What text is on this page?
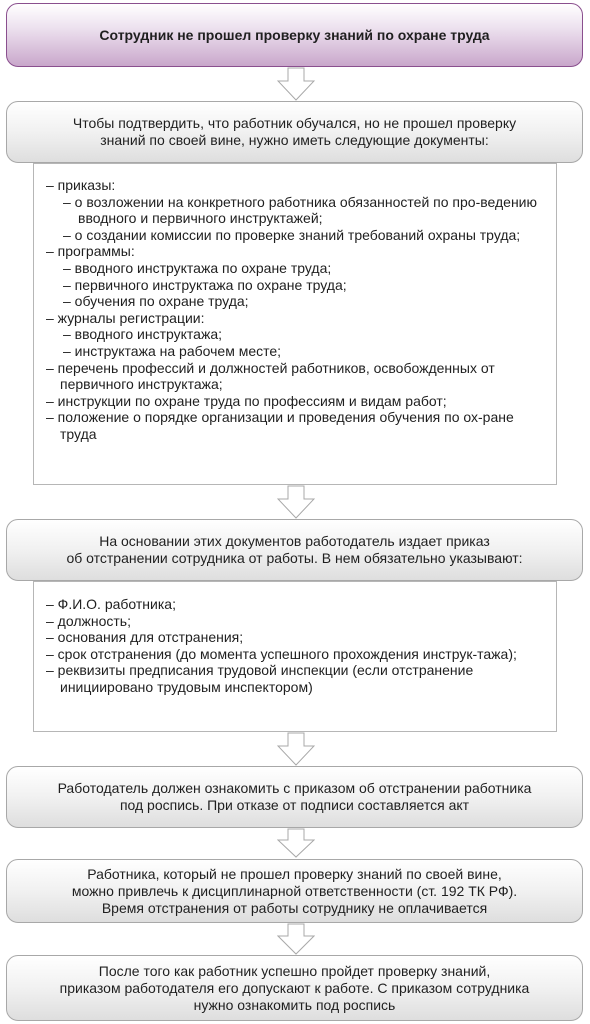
Сотрудник не прошел проверку знаний по охране труда
Чтобы подтвердить, что работник обучался, но не прошел проверку
знаний по своей вине, нужно иметь следующие документы:
– приказы:
– о возложении на конкретного работника обязанностей по про-ведению вводного и первичного инструктажей;
– о создании комиссии по проверке знаний требований охраны труда;
– программы:
– вводного инструктажа по охране труда;
– первичного инструктажа по охране труда;
– обучения по охране труда;
– журналы регистрации:
– вводного инструктажа;
– инструктажа на рабочем месте;
– перечень профессий и должностей работников, освобожденных от первичного инструктажа;
– инструкции по охране труда по профессиям и видам работ;
– положение о порядке организации и проведения обучения по ох-ране труда
На основании этих документов работодатель издает приказ
об отстранении сотрудника от работы. В нем обязательно указывают:
– Ф.И.О. работника;
– должность;
– основания для отстранения;
– срок отстранения (до момента успешного прохождения инструк-тажа);
– реквизиты предписания трудовой инспекции (если отстранение инициировано трудовым инспектором)
Работодатель должен ознакомить с приказом об отстранении работника
под роспись. При отказе от подписи составляется акт
Работника, который не прошел проверку знаний по своей вине,
можно привлечь к дисциплинарной ответственности (ст. 192 ТК РФ).
Время отстранения от работы сотруднику не оплачивается
После того как работник успешно пройдет проверку знаний,
приказом работодателя его допускают к работе. С приказом сотрудника
нужно ознакомить под роспись
